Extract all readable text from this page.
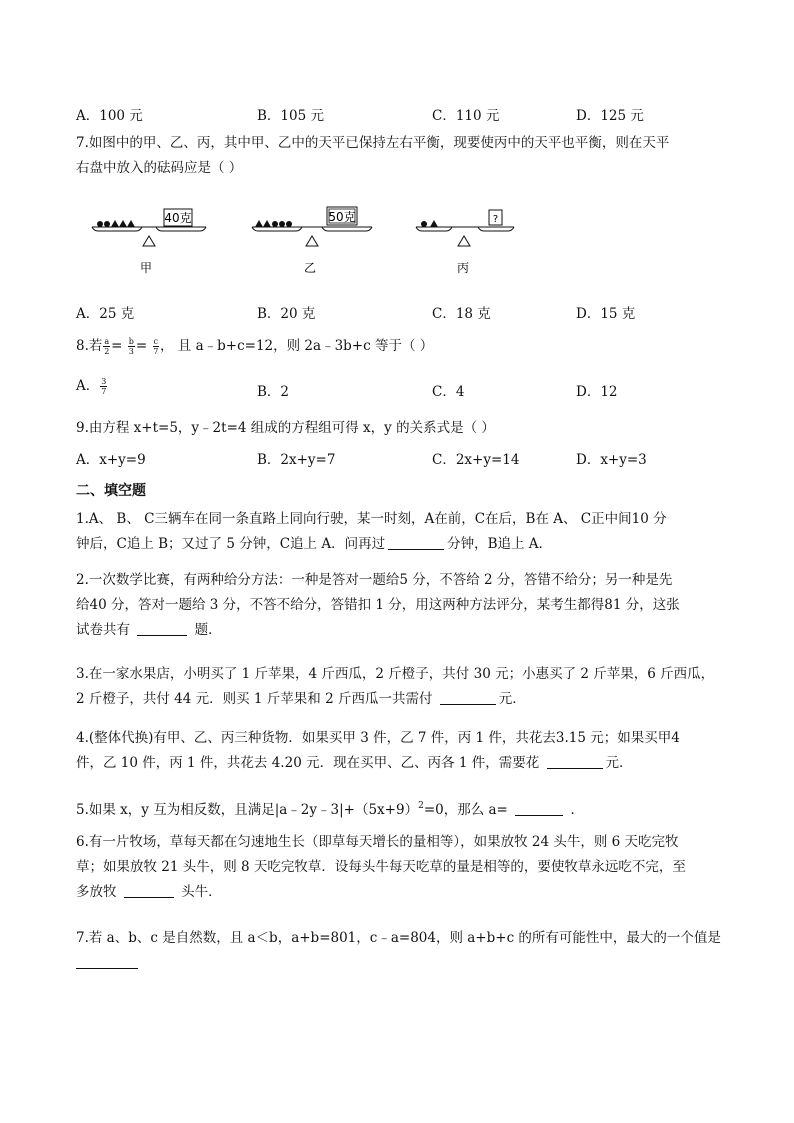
A．100 元	B．105 元	C．110 元	D．125 元
7.如图中的甲、乙、丙，其中甲、乙中的天平已保持左右平衡，现要使丙中的天平也平衡，则在天平
右盘中放入的砝码应是（ ）
40克
甲
50克
乙
?
丙
A．25 克	B．20 克	C．18 克	D．15 克
8.若 $\frac{a}{2} = \frac{b}{3} = \frac{c}{7}$ ， 且 a﹣b+c=12，则 2a﹣3b+c 等于（ ）
A． $\frac{3}{7}$	B．2	C．4	D．12
9.由方程 x+t=5，y﹣2t=4 组成的方程组可得 x，y 的关系式是（ ）
A．x+y=9	B．2x+y=7	C．2x+y=14	D．x+y=3
二、填空题
1.A、 B、 C三辆车在同一条直路上同向行驶，某一时刻，A在前，C在后，B在 A、 C正中间10 分
钟后，C追上 B；又过了 5 分钟，C追上 A．问再过	分钟，B追上 A．
2.一次数学比赛，有两种给分方法：一种是答对一题给5 分，不答给 2 分，答错不给分；另一种是先
给40 分，答对一题给 3 分，不答不给分，答错扣 1 分，用这两种方法评分，某考生都得81 分，这张
试卷共有	题．
3.在一家水果店，小明买了 1 斤苹果，4 斤西瓜，2 斤橙子，共付 30 元；小惠买了 2 斤苹果，6 斤西瓜，
2 斤橙子，共付 44 元．则买 1 斤苹果和 2 斤西瓜一共需付	元．
4.(整体代换)有甲、乙、丙三种货物．如果买甲 3 件，乙 7 件，丙 1 件，共花去3.15 元；如果买甲4
件，乙 10 件，丙 1 件，共花去 4.20 元．现在买甲、乙、丙各 1 件，需要花	元．
5.如果 x，y 互为相反数，且满足$|a﹣2y﹣3|+(5x+9)^2=0$，那么 a=	．
6.有一片牧场，草每天都在匀速地生长（即草每天增长的量相等），如果放牧 24 头牛，则 6 天吃完牧
草；如果放牧 21 头牛，则 8 天吃完牧草．设每头牛每天吃草的量是相等的，要使牧草永远吃不完，至
多放牧	头牛．
7.若 a、b、c 是自然数，且 a＜b，a+b=801，c﹣a=804，则 a+b+c 的所有可能性中，最大的一个值是
